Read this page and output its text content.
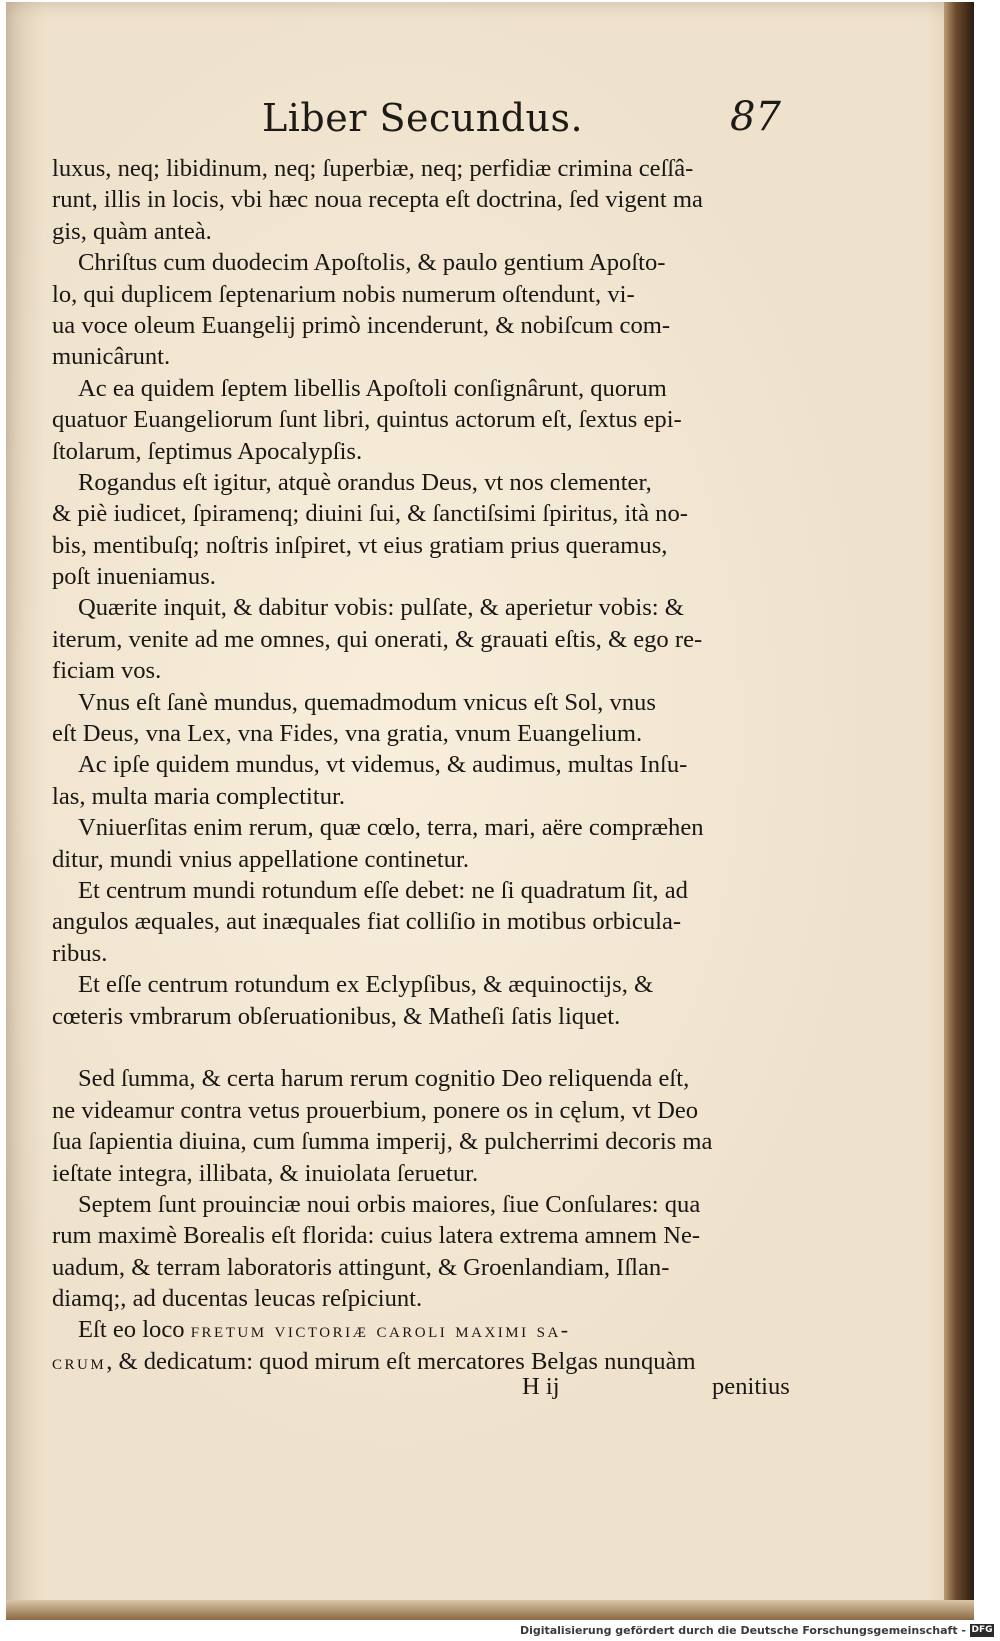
Liber Secundus.	87
luxus, neq; libidinum, neq; ſuperbiæ, neq; perfidiæ crimina ceſſâ-
runt, illis in locis, vbi hæc noua recepta eſt doctrina, ſed vigent ma
gis, quàm anteà.
Chriſtus cum duodecim Apoſtolis, & paulo gentium Apoſto-
lo, qui duplicem ſeptenarium nobis numerum oſtendunt, vi-
ua voce oleum Euangelij primò incenderunt, & nobiſcum com-
municârunt.
Ac ea quidem ſeptem libellis Apoſtoli conſignârunt, quorum
quatuor Euangeliorum ſunt libri, quintus actorum eſt, ſextus epi-
ſtolarum, ſeptimus Apocalypſis.
Rogandus eſt igitur, atquè orandus Deus, vt nos clementer,
& piè iudicet, ſpiramenq; diuini ſui, & ſanctiſsimi ſpiritus, ità no-
bis, mentibuſq; noſtris inſpiret, vt eius gratiam prius queramus,
poſt inueniamus.
Quærite inquit, & dabitur vobis: pulſate, & aperietur vobis: &
iterum, venite ad me omnes, qui onerati, & grauati eſtis, & ego re-
ficiam vos.
Vnus eſt ſanè mundus, quemadmodum vnicus eſt Sol, vnus
eſt Deus, vna Lex, vna Fides, vna gratia, vnum Euangelium.
Ac ipſe quidem mundus, vt videmus, & audimus, multas Inſu-
las, multa maria complectitur.
Vniuerſitas enim rerum, quæ cœlo, terra, mari, aëre compræhen
ditur, mundi vnius appellatione continetur.
Et centrum mundi rotundum eſſe debet: ne ſi quadratum ſit, ad
angulos æquales, aut inæquales fiat colliſio in motibus orbicula-
ribus.
Et eſſe centrum rotundum ex Eclypſibus, & æquinoctijs, &
cœteris vmbrarum obſeruationibus, & Matheſi ſatis liquet.
Sed ſumma, & certa harum rerum cognitio Deo reliquenda eſt,
ne videamur contra vetus prouerbium, ponere os in cęlum, vt Deo
ſua ſapientia diuina, cum ſumma imperij, & pulcherrimi decoris ma
ieſtate integra, illibata, & inuiolata ſeruetur.
Septem ſunt prouinciæ noui orbis maiores, ſiue Conſulares: qua
rum maximè Borealis eſt florida: cuius latera extrema amnem Ne-
uadum, & terram laboratoris attingunt, & Groenlandiam, Iſlan-
diamq;, ad ducentas leucas reſpiciunt.
Eſt eo loco fretum victoriæ caroli maximi sa-
crum, & dedicatum: quod mirum eſt mercatores Belgas nunquàm
H ij	penitius
Digitalisierung gefördert durch die Deutsche Forschungsgemeinschaft - DFG
